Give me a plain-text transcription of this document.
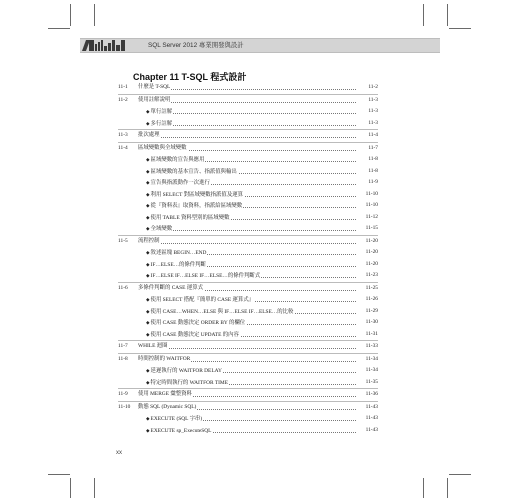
SQL Server 2012 專業開發與設計
Chapter 11 T-SQL 程式設計
11-1 什麼是 T-SQL	11-2
11-2 使用註解說明	11-3
◆單行註解	11-3
◆多行註解	11-3
11-3 批次處理	11-4
11-4 區域變數與全域變數	11-7
◆區域變數的宣告與應用	11-8
◆區域變數的基本宣告、指派值與輸出	11-8
◆宣告與指派動作一次進行	11-9
◆利用 SELECT 對區域變數指派值及運算	11-10
◆從『資料表』取資料，指派給區域變數	11-10
◆使用 TABLE 資料型別的區域變數	11-12
◆全域變數	11-15
11-5 流程控制	11-20
◆敘述區塊 BEGIN…END	11-20
◆IF…ELSE…的條件判斷	11-20
◆IF…ELSE IF…ELSE IF…ELSE…的條件判斷式	11-23
11-6 多條件判斷的 CASE 運算式	11-25
◆使用 SELECT 搭配『簡單的 CASE 運算式』	11-26
◆使用 CASE…WHEN…ELSE 與 IF…ELSE IF…ELSE…的比較	11-29
◆使用 CASE 動態決定 ORDER BY 的欄位	11-30
◆使用 CASE 動態決定 UPDATE 的內容	11-31
11-7 WHILE 迴圈	11-33
11-8 時間控制的 WAITFOR	11-34
◆延遲執行的 WAITFOR DELAY	11-34
◆特定時間執行的 WAITFOR TIME	11-35
11-9 使用 MERGE 彙整資料	11-36
11-10 動態 SQL (Dynamic SQL)	11-43
◆EXECUTE (SQL 字串)	11-43
◆EXECUTE sp_ExecuteSQL	11-43
xx
